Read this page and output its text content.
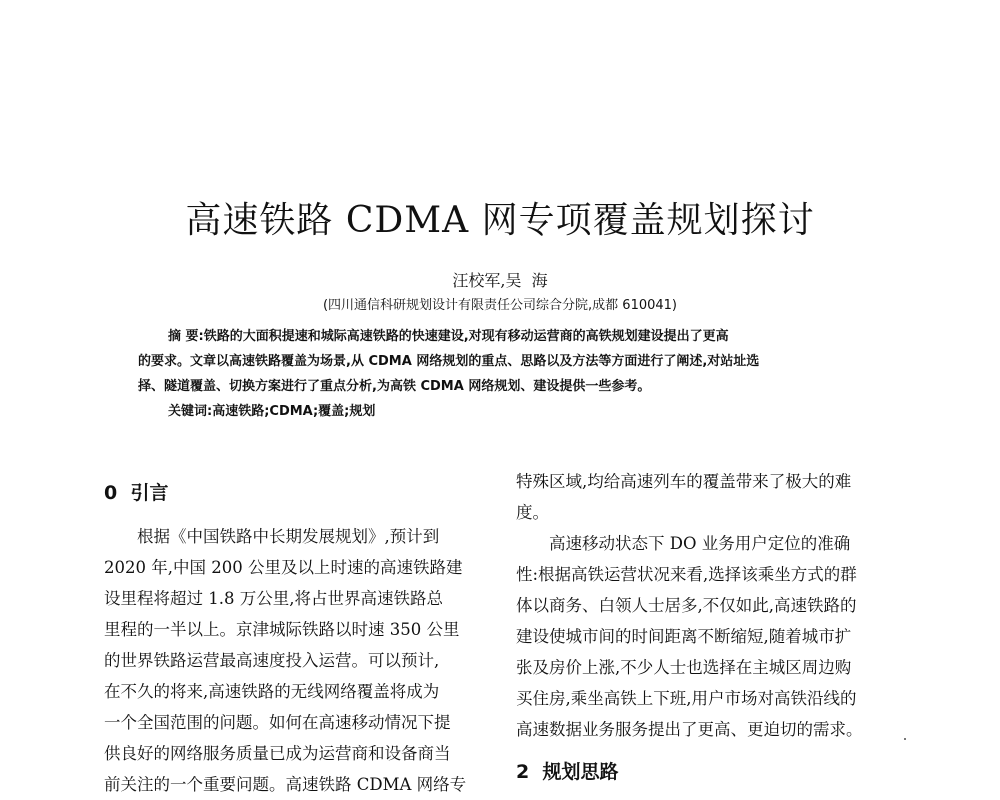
高速铁路 CDMA 网专项覆盖规划探讨
汪校军,吴  海
(四川通信科研规划设计有限责任公司综合分院,成都 610041)
摘 要:铁路的大面积提速和城际高速铁路的快速建设,对现有移动运营商的高铁规划建设提出了更高
的要求。文章以高速铁路覆盖为场景,从 CDMA 网络规划的重点、思路以及方法等方面进行了阐述,对站址选
择、隧道覆盖、切换方案进行了重点分析,为高铁 CDMA 网络规划、建设提供一些参考。
关键词:高速铁路;CDMA;覆盖;规划
0  引言
根据《中国铁路中长期发展规划》,预计到
2020 年,中国 200 公里及以上时速的高速铁路建
设里程将超过 1.8 万公里,将占世界高速铁路总
里程的一半以上。京津城际铁路以时速 350 公里
的世界铁路运营最高速度投入运营。可以预计,
在不久的将来,高速铁路的无线网络覆盖将成为
一个全国范围的问题。如何在高速移动情况下提
供良好的网络服务质量已成为运营商和设备商当
前关注的一个重要问题。高速铁路 CDMA 网络专
特殊区域,均给高速列车的覆盖带来了极大的难
度。
高速移动状态下 DO 业务用户定位的准确
性:根据高铁运营状况来看,选择该乘坐方式的群
体以商务、白领人士居多,不仅如此,高速铁路的
建设使城市间的时间距离不断缩短,随着城市扩
张及房价上涨,不少人士也选择在主城区周边购
买住房,乘坐高铁上下班,用户市场对高铁沿线的
高速数据业务服务提出了更高、更迫切的需求。
2  规划思路
